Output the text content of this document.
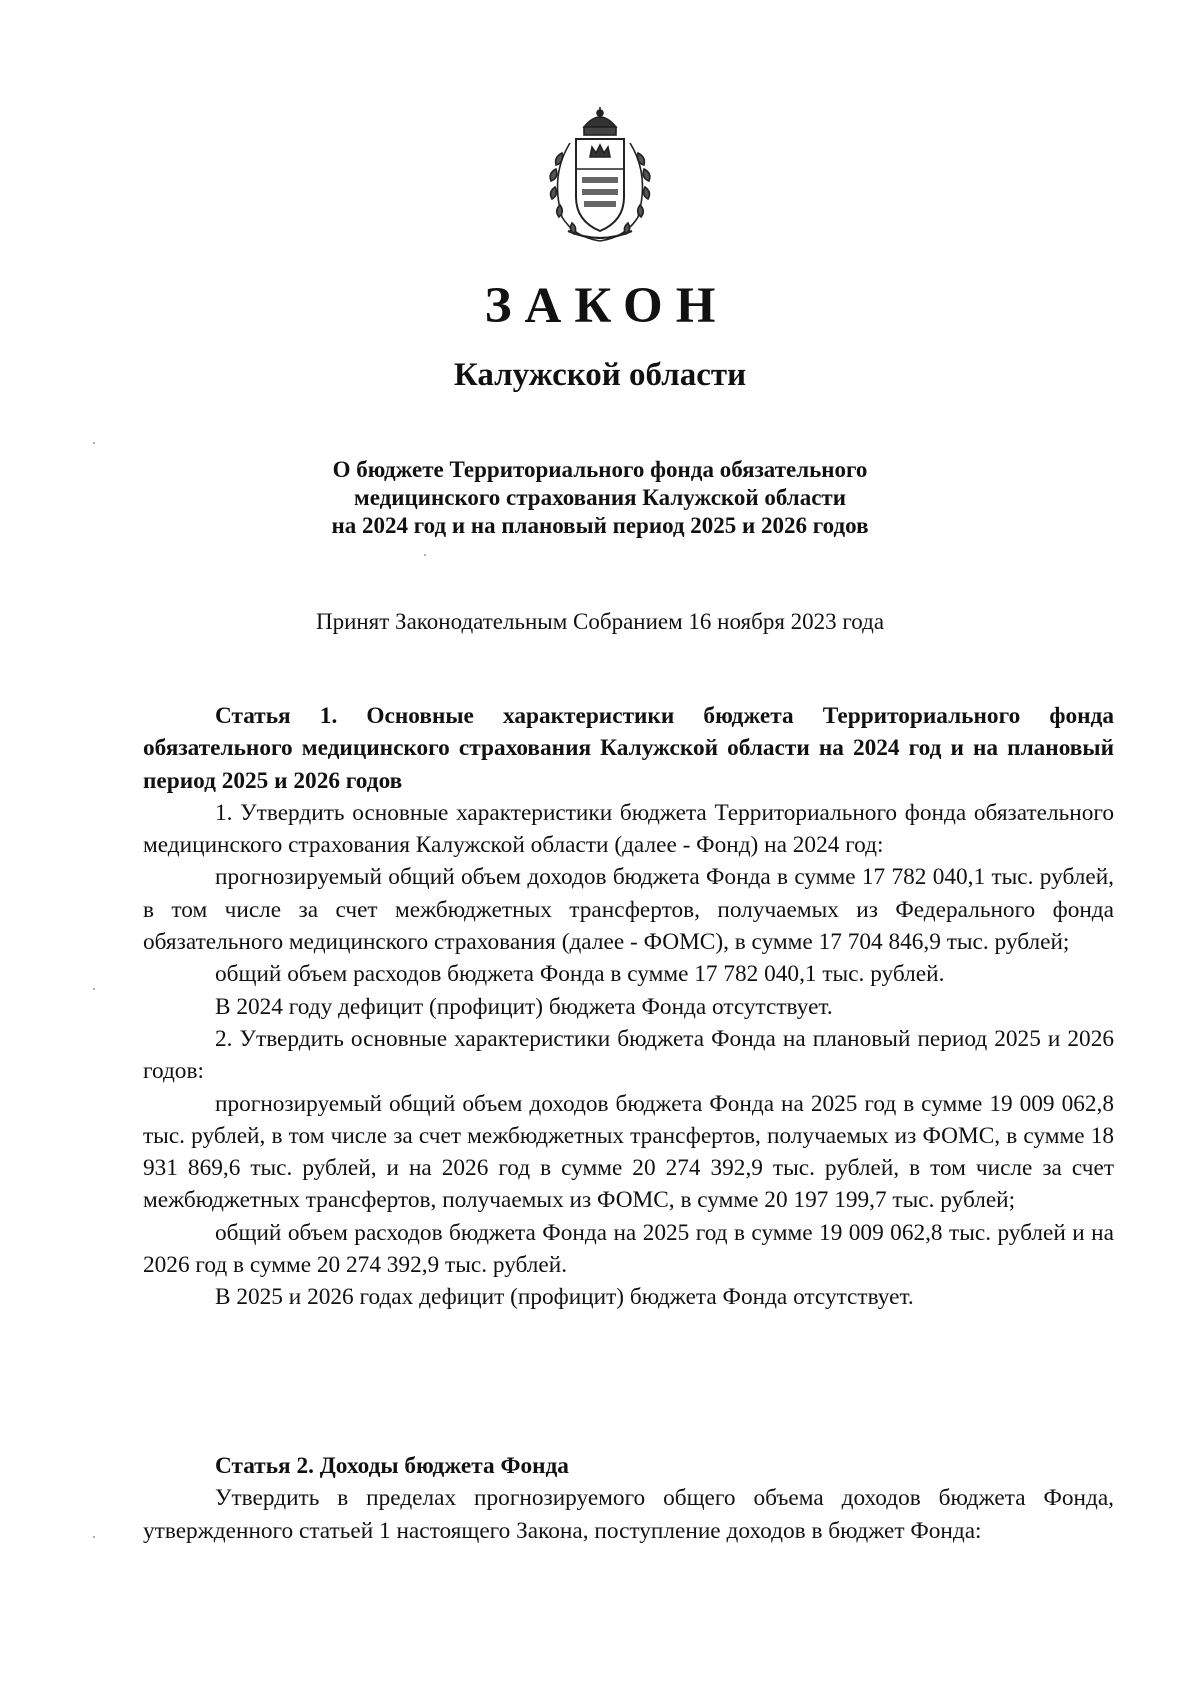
ЗАКОН
Калужской области
О бюджете Территориального фонда обязательного
медицинского страхования Калужской области
на 2024 год и на плановый период 2025 и 2026 годов
Принят Законодательным Собранием 16 ноября 2023 года

Статья 1. Основные характеристики бюджета Территориального фонда обязательного медицинского страхования Калужской области на 2024 год и на плановый период 2025 и 2026 годов

1. Утвердить основные характеристики бюджета Территориального фонда обязательного медицинского страхования Калужской области (далее - Фонд) на 2024 год:

прогнозируемый общий объем доходов бюджета Фонда в сумме 17 782 040,1 тыс. рублей, в том числе за счет межбюджетных трансфертов, получаемых из Федерального фонда обязательного медицинского страхования (далее - ФОМС), в сумме 17 704 846,9 тыс. рублей;

общий объем расходов бюджета Фонда в сумме 17 782 040,1 тыс. рублей.

В 2024 году дефицит (профицит) бюджета Фонда отсутствует.

2. Утвердить основные характеристики бюджета Фонда на плановый период 2025 и 2026 годов:

прогнозируемый общий объем доходов бюджета Фонда на 2025 год в сумме 19 009 062,8 тыс. рублей, в том числе за счет межбюджетных трансфертов, получаемых из ФОМС, в сумме 18 931 869,6 тыс. рублей, и на 2026 год в сумме 20 274 392,9 тыс. рублей, в том числе за счет межбюджетных трансфертов, получаемых из ФОМС, в сумме 20 197 199,7 тыс. рублей;

общий объем расходов бюджета Фонда на 2025 год в сумме 19 009 062,8 тыс. рублей и на 2026 год в сумме 20 274 392,9 тыс. рублей.

В 2025 и 2026 годах дефицит (профицит) бюджета Фонда отсутствует.

Статья 2. Доходы бюджета Фонда

Утвердить в пределах прогнозируемого общего объема доходов бюджета Фонда, утвержденного статьей 1 настоящего Закона, поступление доходов в бюджет Фонда:
